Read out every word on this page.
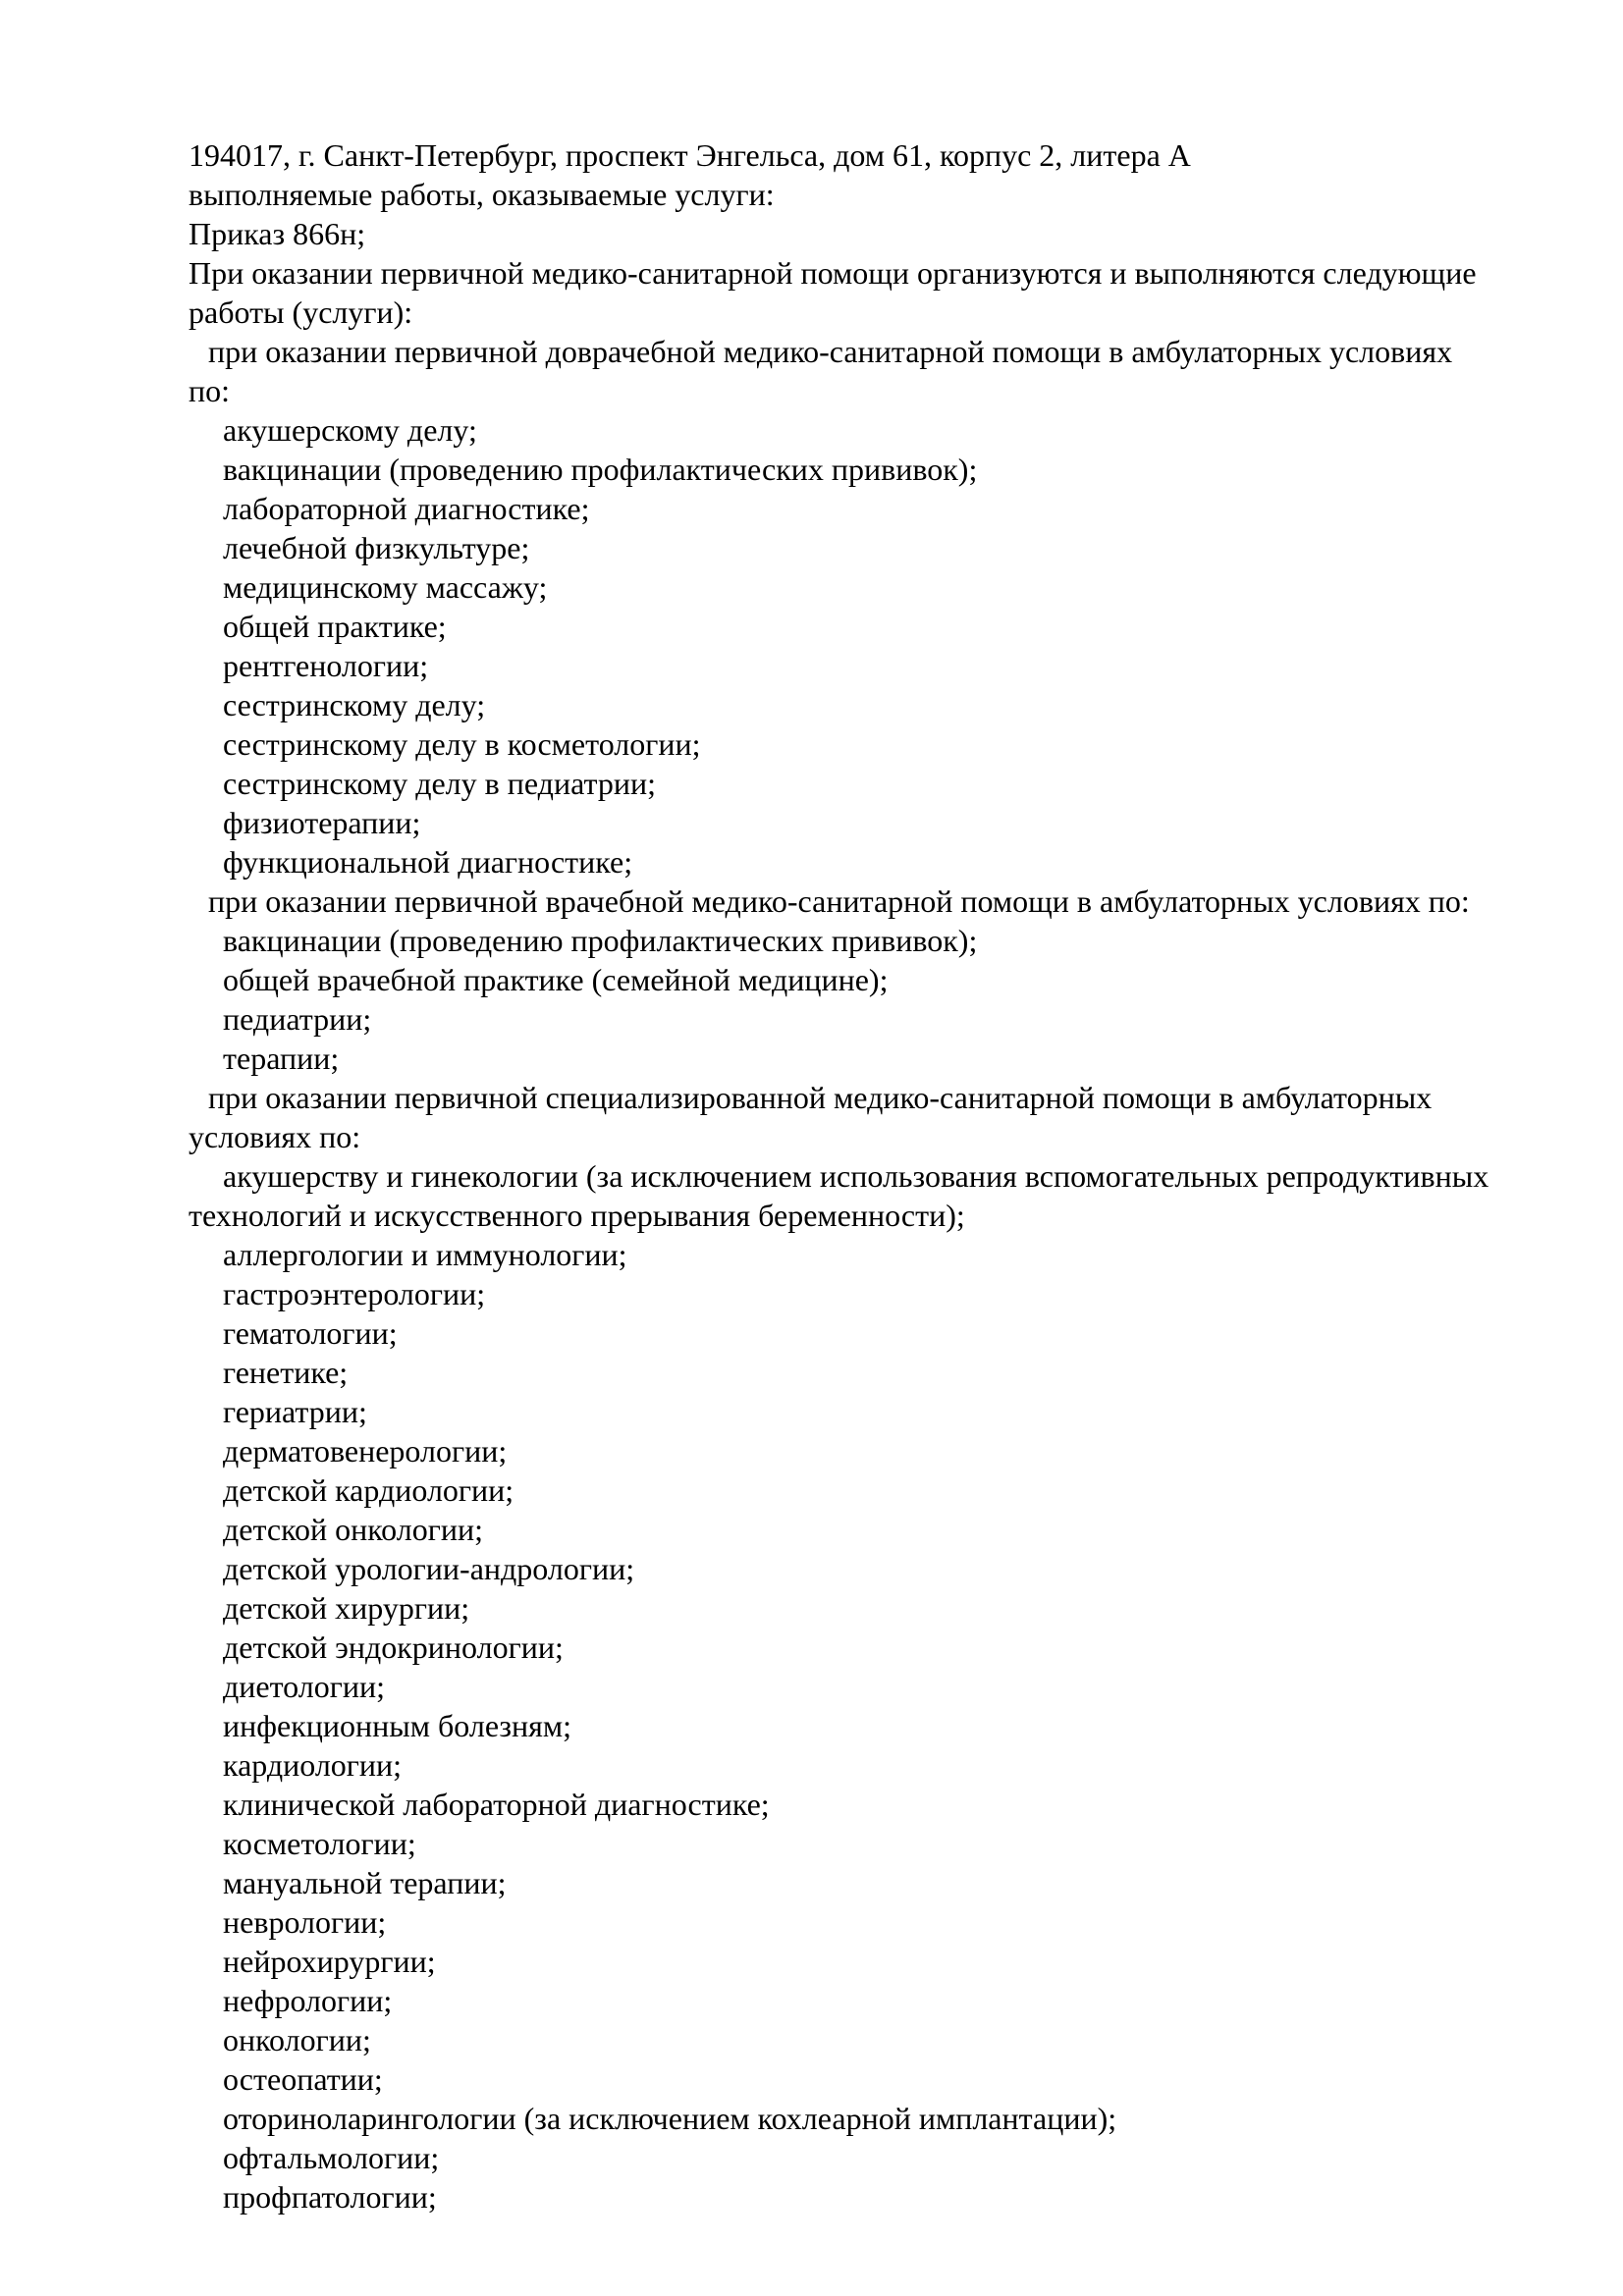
194017, г. Санкт-Петербург, проспект Энгельса, дом 61, корпус 2, литера А
выполняемые работы, оказываемые услуги:
Приказ 866н;
При оказании первичной медико-санитарной помощи организуются и выполняются следующие
работы (услуги):
при оказании первичной доврачебной медико-санитарной помощи в амбулаторных условиях
по:
акушерскому делу;
вакцинации (проведению профилактических прививок);
лабораторной диагностике;
лечебной физкультуре;
медицинскому массажу;
общей практике;
рентгенологии;
сестринскому делу;
сестринскому делу в косметологии;
сестринскому делу в педиатрии;
физиотерапии;
функциональной диагностике;
при оказании первичной врачебной медико-санитарной помощи в амбулаторных условиях по:
вакцинации (проведению профилактических прививок);
общей врачебной практике (семейной медицине);
педиатрии;
терапии;
при оказании первичной специализированной медико-санитарной помощи в амбулаторных
условиях по:
акушерству и гинекологии (за исключением использования вспомогательных репродуктивных
технологий и искусственного прерывания беременности);
аллергологии и иммунологии;
гастроэнтерологии;
гематологии;
генетике;
гериатрии;
дерматовенерологии;
детской кардиологии;
детской онкологии;
детской урологии-андрологии;
детской хирургии;
детской эндокринологии;
диетологии;
инфекционным болезням;
кардиологии;
клинической лабораторной диагностике;
косметологии;
мануальной терапии;
неврологии;
нейрохирургии;
нефрологии;
онкологии;
остеопатии;
оториноларингологии (за исключением кохлеарной имплантации);
офтальмологии;
профпатологии;
